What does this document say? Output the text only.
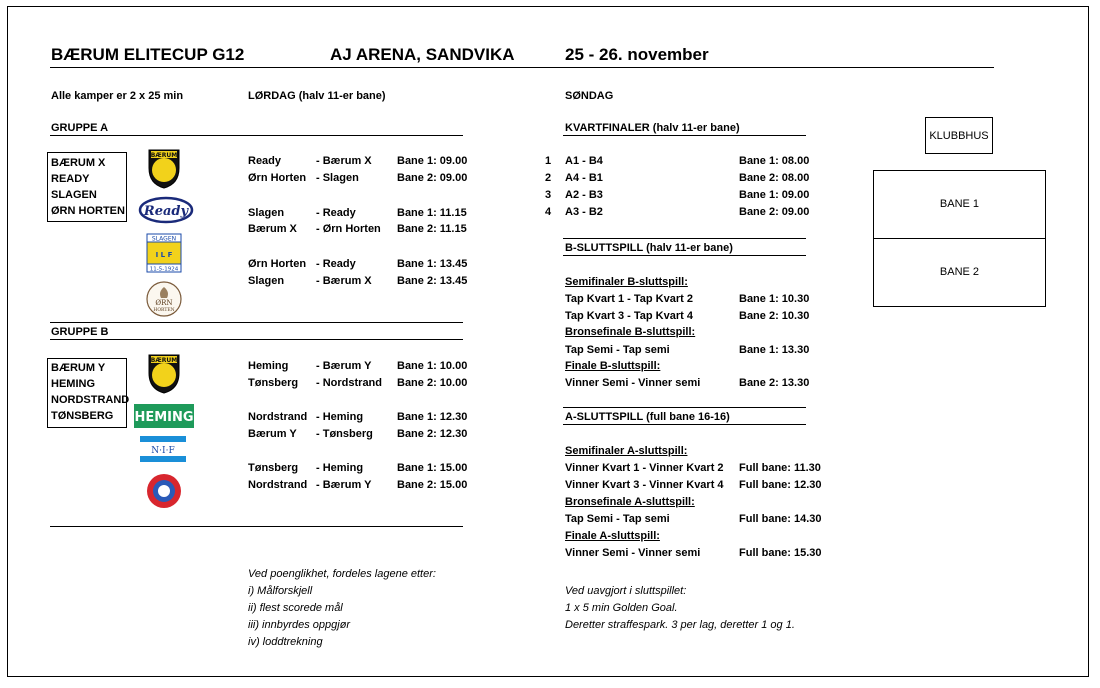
BÆRUM ELITECUP G12	AJ ARENA, SANDVIKA	25 - 26. november
Alle kamper er 2 x 25 min	LØRDAG (halv 11-er bane)	SØNDAG
GRUPPE A
BÆRUM X
READY
SLAGEN
ØRN HORTEN
BÆRUM
Ready
SLAGEN
I L F
11-5-1924
ØRN
HORTEN
Ready	- Bærum X Bane 1: 09.00
Ørn Horten - Slagen	Bane 2: 09.00
Slagen	- Ready	Bane 1: 11.15
Bærum X - Ørn Horten Bane 2: 11.15
Ørn Horten - Ready	Bane 1: 13.45
Slagen	- Bærum X Bane 2: 13.45
GRUPPE B
BÆRUM Y
HEMING
NORDSTRAND
TØNSBERG
BÆRUM
HEMING
N·I·F
Heming	- Bærum Y Bane 1: 10.00
Tønsberg - Nordstrand Bane 2: 10.00
Nordstrand - Heming	Bane 1: 12.30
Bærum Y - Tønsberg Bane 2: 12.30
Tønsberg - Heming	Bane 1: 15.00
Nordstrand - Bærum Y Bane 2: 15.00
KVARTFINALER (halv 11-er bane)
1 A1 - B4	Bane 1: 08.00
2 A4 - B1	Bane 2: 08.00
3 A2 - B3	Bane 1: 09.00
4 A3 - B2	Bane 2: 09.00
B-SLUTTSPILL (halv 11-er bane)
Semifinaler B-sluttspill:
Tap Kvart 1 - Tap Kvart 2	Bane 1: 10.30
Tap Kvart 3 - Tap Kvart 4	Bane 2: 10.30
Bronsefinale B-sluttspill:
Tap Semi - Tap semi	Bane 1: 13.30
Finale B-sluttspill:
Vinner Semi - Vinner semi	Bane 2: 13.30
A-SLUTTSPILL (full bane 16-16)
Semifinaler A-sluttspill:
Vinner Kvart 1 - Vinner Kvart 2 Full bane: 11.30
Vinner Kvart 3 - Vinner Kvart 4 Full bane: 12.30
Bronsefinale A-sluttspill:
Tap Semi - Tap semi	Full bane: 14.30
Finale A-sluttspill:
Vinner Semi - Vinner semi	Full bane: 15.30
KLUBBHUS
BANE 1
BANE 2
Ved poenglikhet, fordeles lagene etter:
i) Målforskjell
ii) flest scorede mål
iii) innbyrdes oppgjør
iv) loddtrekning
Ved uavgjort i sluttspillet:
1 x 5 min Golden Goal.
Deretter straffespark. 3 per lag, deretter 1 og 1.
